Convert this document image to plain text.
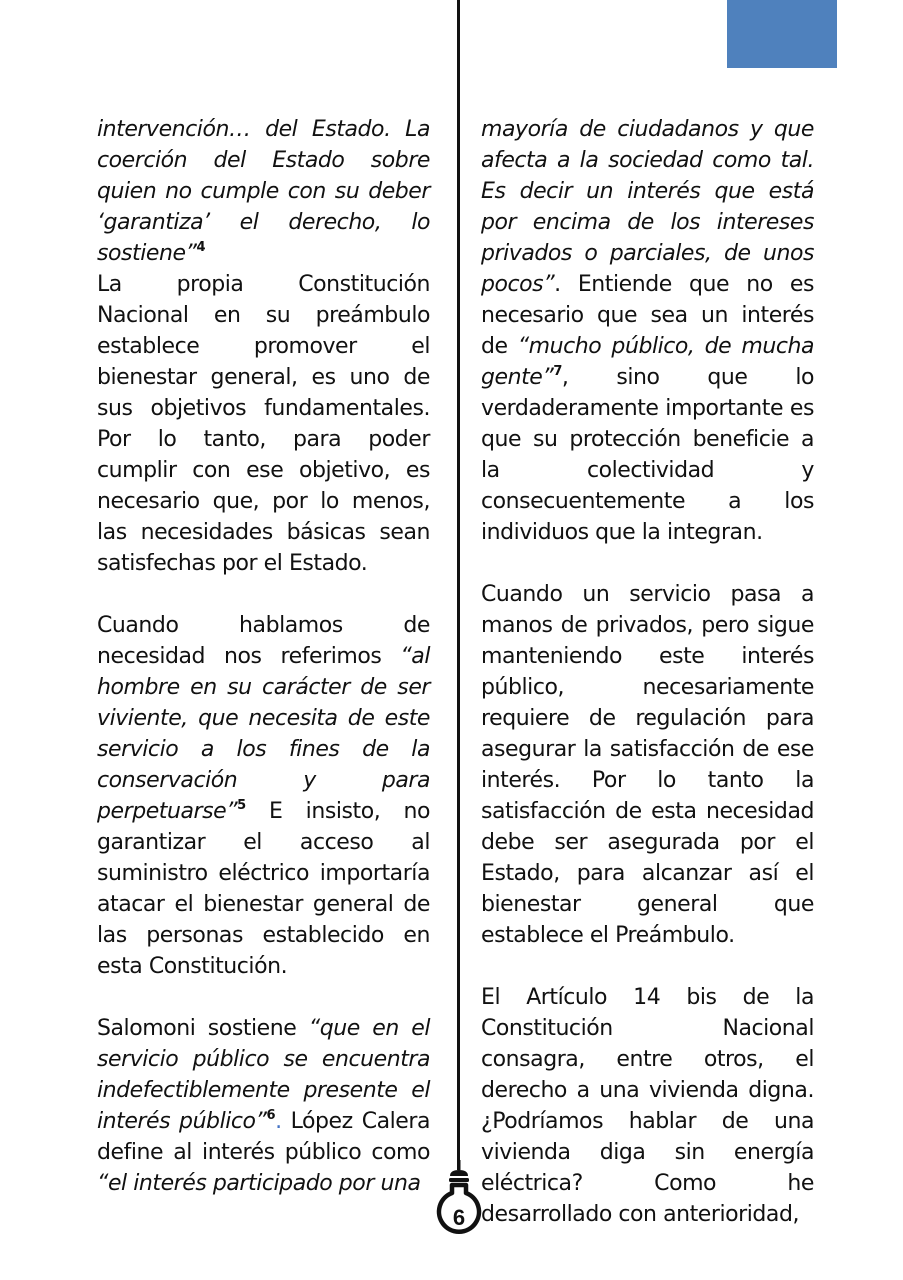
6

intervención… del Estado. La coerción del Estado sobre quien no cumple con su deber ‘garantiza’ el derecho, lo sostiene”$^4$

La propia Constitución Nacional en su preámbulo establece promover el bienestar general, es uno de sus objetivos fundamentales. Por lo tanto, para poder cumplir con ese objetivo, es necesario que, por lo menos, las necesidades básicas sean satisfechas por el Estado.

Cuando hablamos de necesidad nos referimos “al hombre en su carácter de ser viviente, que necesita de este servicio a los fines de la conservación y para perpetuarse”$^5$ E insisto, no garantizar el acceso al suministro eléctrico importaría atacar el bienestar general de las personas establecido en esta Constitución.

Salomoni sostiene “que en el servicio público se encuentra indefectiblemente presente el interés público”$^6$. López Calera define al interés público como “el interés participado por una

mayoría de ciudadanos y que afecta a la sociedad como tal. Es decir un interés que está por encima de los intereses privados o parciales, de unos pocos”. Entiende que no es necesario que sea un interés de “mucho público, de mucha gente”$^7$, sino que lo verdaderamente importante es que su protección beneficie a la colectividad y consecuentemente a los individuos que la integran.

Cuando un servicio pasa a manos de privados, pero sigue manteniendo este interés público, necesariamente requiere de regulación para asegurar la satisfacción de ese interés. Por lo tanto la satisfacción de esta necesidad debe ser asegurada por el Estado, para alcanzar así el bienestar general que establece el Preámbulo.

El Artículo 14 bis de la Constitución Nacional consagra, entre otros, el derecho a una vivienda digna. ¿Podríamos hablar de una vivienda diga sin energía eléctrica? Como he desarrollado con anterioridad,
